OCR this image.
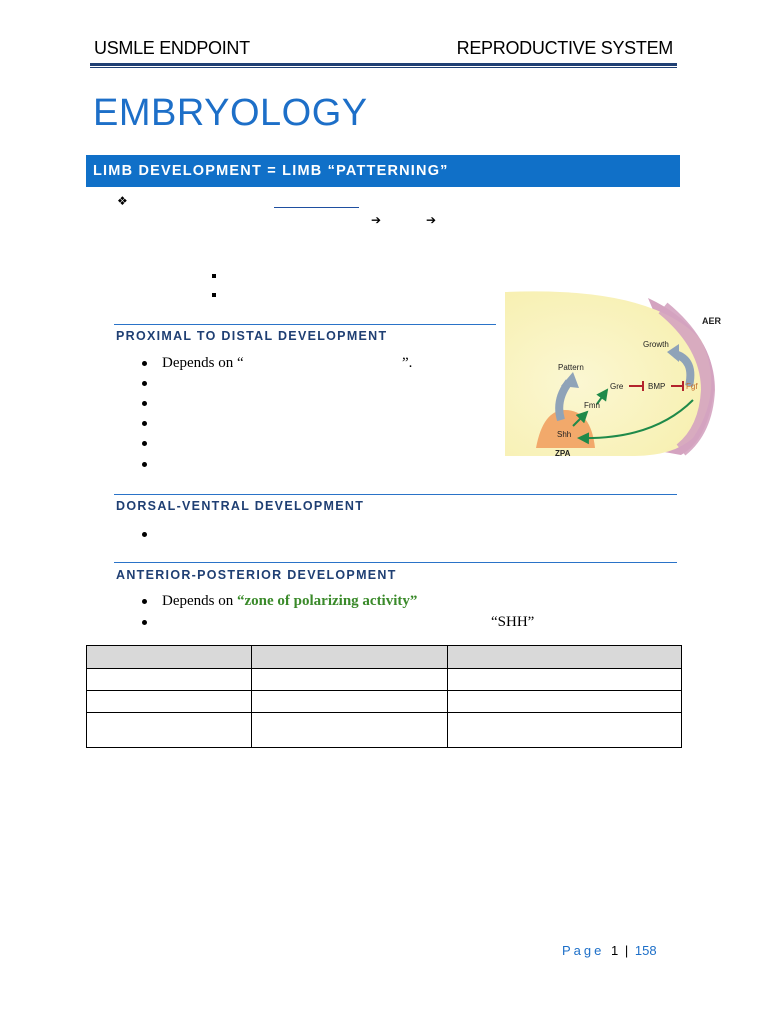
USMLE ENDPOINT	REPRODUCTIVE SYSTEM
EMBRYOLOGY
LIMB DEVELOPMENT = LIMB “PATTERNING”
❖
➔	➔
PROXIMAL TO DISTAL DEVELOPMENT
Depends on “	”.
AER
Growth
Pattern
Gre	BMP	Fgf
Fmn
Shh
ZPA
DORSAL-VENTRAL DEVELOPMENT
ANTERIOR-POSTERIOR DEVELOPMENT
Depends on “zone of polarizing activity”
“SHH”

Page 1 | 158
